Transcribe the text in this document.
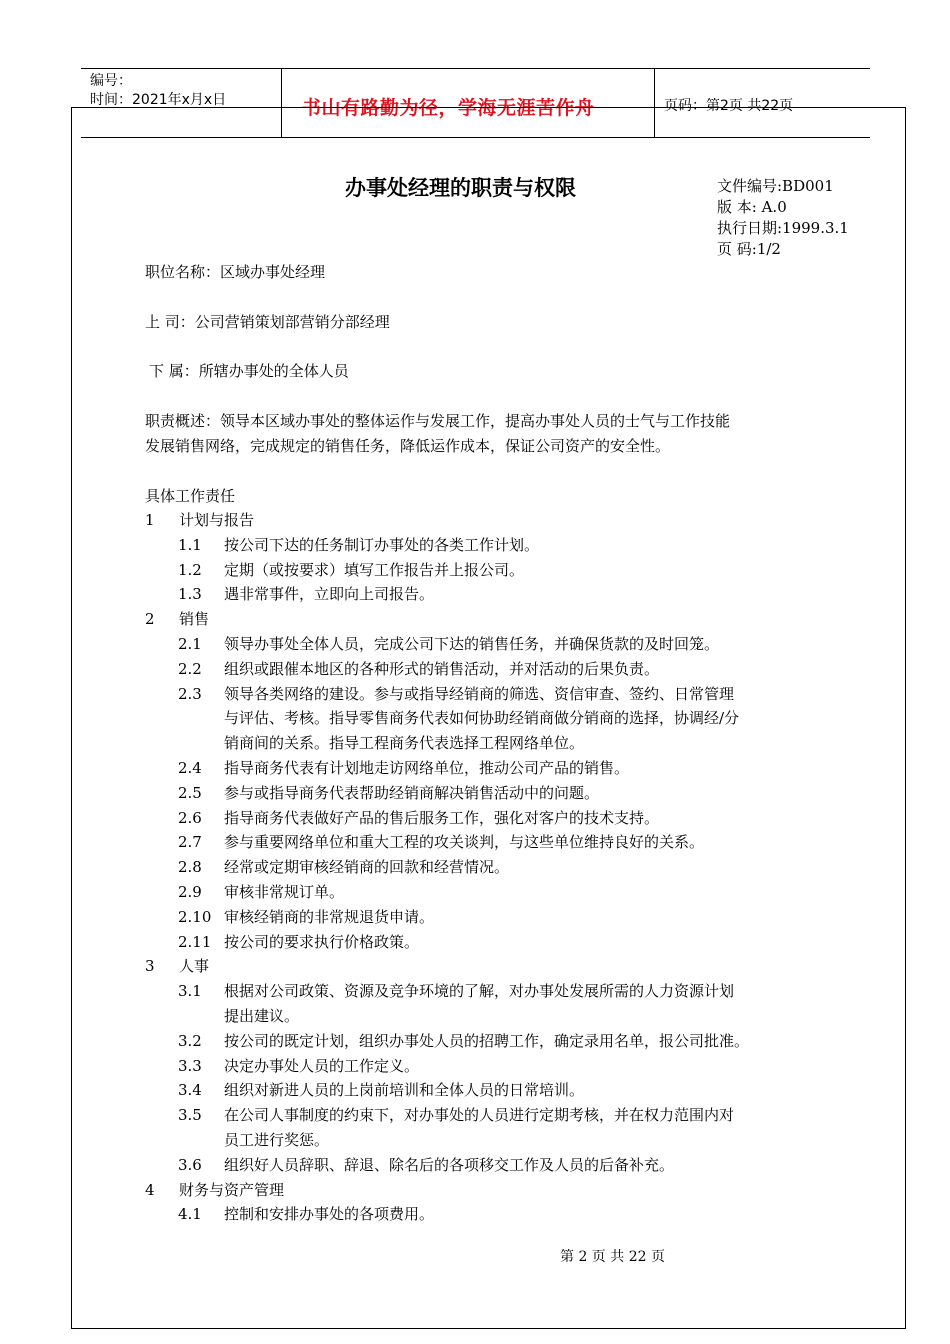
编号：
时间：2021年x月x日	书山有路勤为径，学海无涯苦作舟	页码：第2页 共22页
办事处经理的职责与权限	文件编号:BD001
版 本: A.0
执行日期:1999.3.1
页 码:1/2
职位名称：区域办事处经理
上 司：公司营销策划部营销分部经理
下 属：所辖办事处的全体人员
职责概述：领导本区域办事处的整体运作与发展工作，提高办事处人员的士气与工作技能
发展销售网络，完成规定的销售任务，降低运作成本，保证公司资产的安全性。
具体工作责任
1 计划与报告
1.1 按公司下达的任务制订办事处的各类工作计划。
1.2 定期（或按要求）填写工作报告并上报公司。
1.3 遇非常事件，立即向上司报告。
2 销售
2.1 领导办事处全体人员，完成公司下达的销售任务，并确保货款的及时回笼。
2.2 组织或跟催本地区的各种形式的销售活动，并对活动的后果负责。
2.3 领导各类网络的建设。参与或指导经销商的筛选、资信审查、签约、日常管理
与评估、考核。指导零售商务代表如何协助经销商做分销商的选择，协调经/分
销商间的关系。指导工程商务代表选择工程网络单位。
2.4 指导商务代表有计划地走访网络单位，推动公司产品的销售。
2.5 参与或指导商务代表帮助经销商解决销售活动中的问题。
2.6 指导商务代表做好产品的售后服务工作，强化对客户的技术支持。
2.7 参与重要网络单位和重大工程的攻关谈判，与这些单位维持良好的关系。
2.8 经常或定期审核经销商的回款和经营情况。
2.9 审核非常规订单。
2.10 审核经销商的非常规退货申请。
2.11 按公司的要求执行价格政策。
3 人事
3.1 根据对公司政策、资源及竞争环境的了解，对办事处发展所需的人力资源计划
提出建议。
3.2 按公司的既定计划，组织办事处人员的招聘工作，确定录用名单，报公司批准。
3.3 决定办事处人员的工作定义。
3.4 组织对新进人员的上岗前培训和全体人员的日常培训。
3.5 在公司人事制度的约束下，对办事处的人员进行定期考核，并在权力范围内对
员工进行奖惩。
3.6 组织好人员辞职、辞退、除名后的各项移交工作及人员的后备补充。
4 财务与资产管理
4.1 控制和安排办事处的各项费用。
第 2 页 共 22 页
